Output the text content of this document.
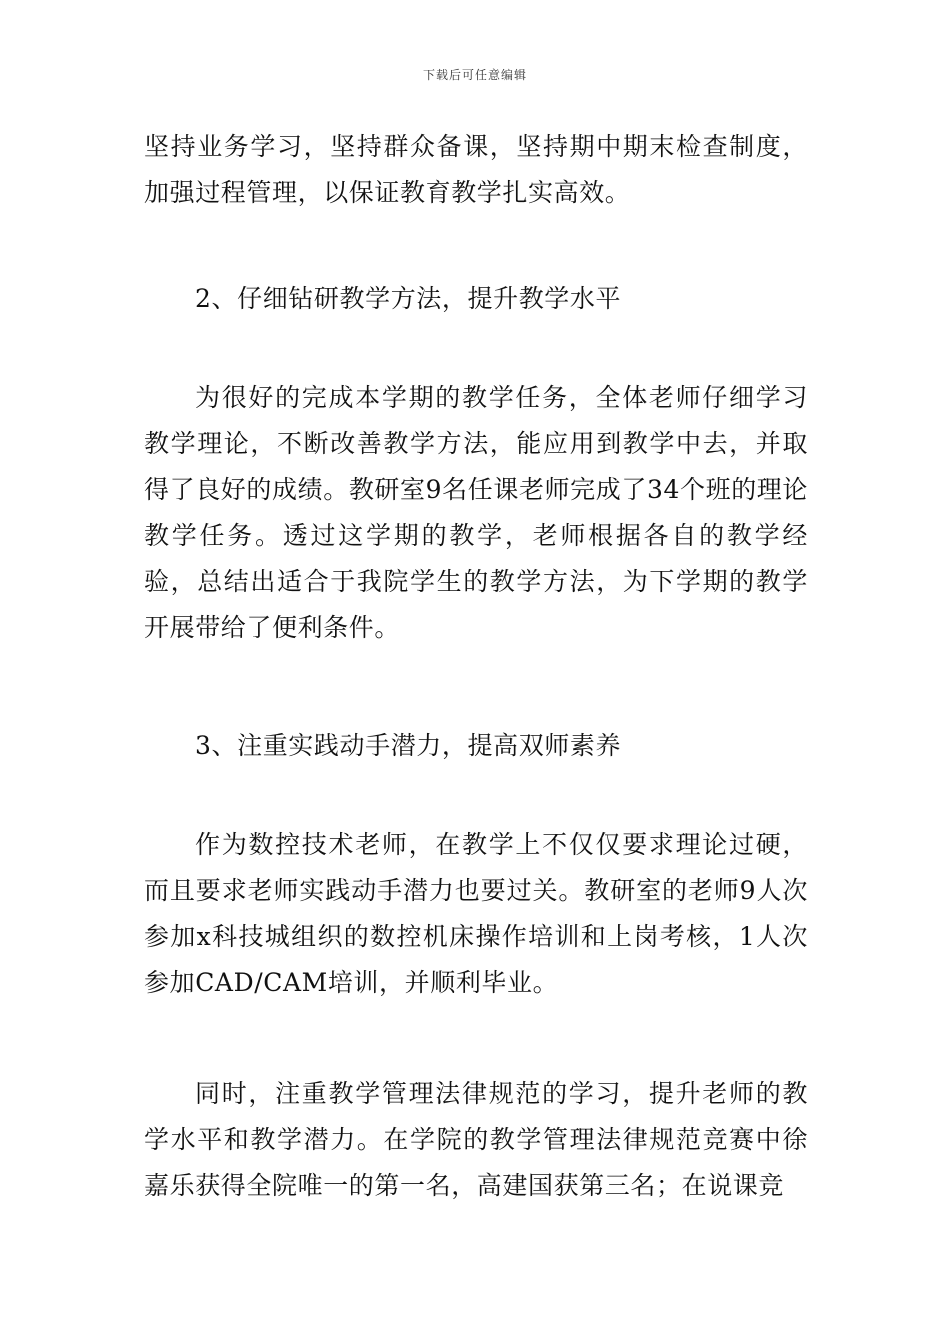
下载后可任意编辑
坚持业务学习，坚持群众备课，坚持期中期末检查制度，加强过程管理，以保证教育教学扎实高效。
2、仔细钻研教学方法，提升教学水平
为很好的完成本学期的教学任务，全体老师仔细学习教学理论，不断改善教学方法，能应用到教学中去，并取得了良好的成绩。教研室9名任课老师完成了34个班的理论教学任务。透过这学期的教学，老师根据各自的教学经验，总结出适合于我院学生的教学方法，为下学期的教学开展带给了便利条件。
3、注重实践动手潜力，提高双师素养
作为数控技术老师，在教学上不仅仅要求理论过硬，而且要求老师实践动手潜力也要过关。教研室的老师9人次参加x科技城组织的数控机床操作培训和上岗考核，1人次参加CAD/CAM培训，并顺利毕业。
同时，注重教学管理法律规范的学习，提升老师的教学水平和教学潜力。在学院的教学管理法律规范竞赛中徐嘉乐获得全院唯一的第一名，高建国获第三名；在说课竞
